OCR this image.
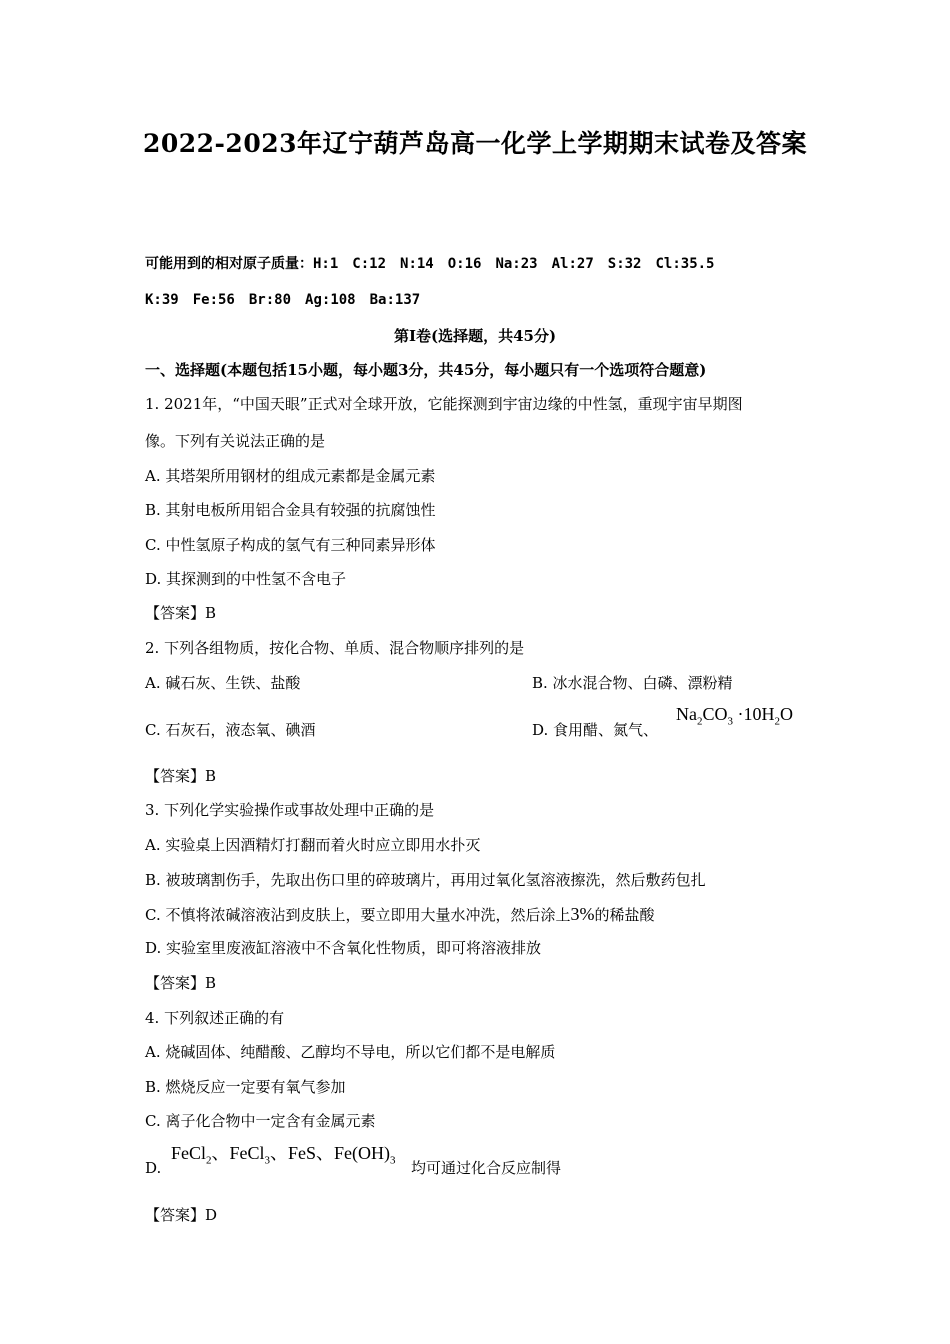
2022-2023年辽宁葫芦岛高一化学上学期期末试卷及答案
可能用到的相对原子质量：H:1 C:12 N:14 O:16 Na:23 Al:27 S:32 Cl:35.5
K:39 Fe:56 Br:80 Ag:108 Ba:137
第Ⅰ卷(选择题，共45分)
一、选择题(本题包括15小题，每小题3分，共45分，每小题只有一个选项符合题意)
1. 2021年，“中国天眼”正式对全球开放，它能探测到宇宙边缘的中性氢，重现宇宙早期图
像。下列有关说法正确的是
A. 其塔架所用钢材的组成元素都是金属元素
B. 其射电板所用铝合金具有较强的抗腐蚀性
C. 中性氢原子构成的氢气有三种同素异形体
D. 其探测到的中性氢不含电子
【答案】B
2. 下列各组物质，按化合物、单质、混合物顺序排列的是
A. 碱石灰、生铁、盐酸	B. 冰水混合物、白磷、漂粉精
C. 石灰石，液态氧、碘酒	D. 食用醋、氮气、
$Na_2CO_3 \cdot 10H_2O$
【答案】B
3. 下列化学实验操作或事故处理中正确的是
A. 实验桌上因酒精灯打翻而着火时应立即用水扑灭
B. 被玻璃割伤手，先取出伤口里的碎玻璃片，再用过氧化氢溶液擦洗，然后敷药包扎
C. 不慎将浓碱溶液沾到皮肤上，要立即用大量水冲洗，然后涂上3%的稀盐酸
D. 实验室里废液缸溶液中不含氧化性物质，即可将溶液排放
【答案】B
4. 下列叙述正确的有
A. 烧碱固体、纯醋酸、乙醇均不导电，所以它们都不是电解质
B. 燃烧反应一定要有氧气参加
C. 离子化合物中一定含有金属元素
D.
FeCl$_2$、FeCl$_3$、FeS、$Fe(OH)_3$ 均可通过化合反应制得
【答案】D
